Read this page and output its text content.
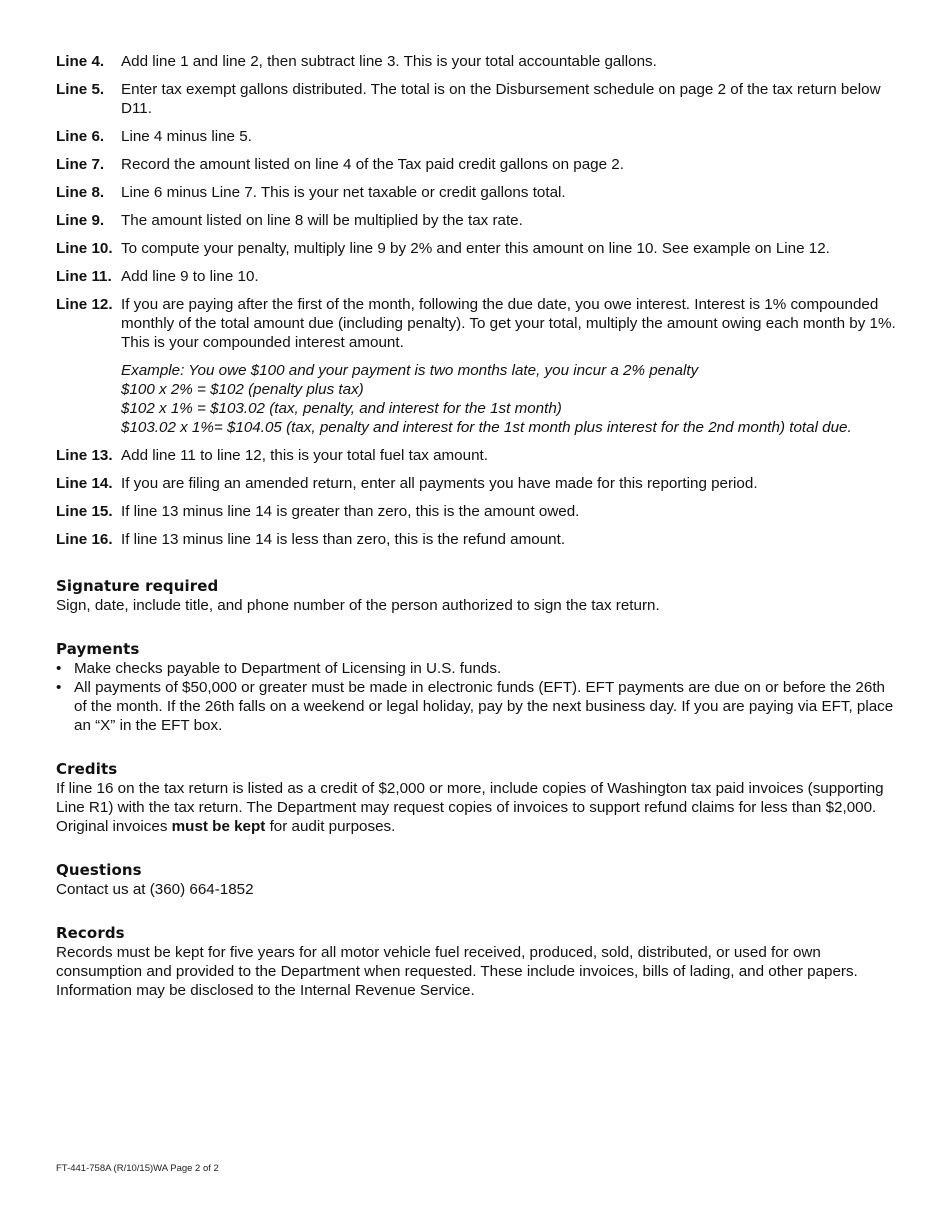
Line 4.	Add line 1 and line 2, then subtract line 3. This is your total accountable gallons.
Line 5.	Enter tax exempt gallons distributed. The total is on the Disbursement schedule on page 2 of the tax return below D11.
Line 6.	Line 4 minus line 5.
Line 7.	Record the amount listed on line 4 of the Tax paid credit gallons on page 2.
Line 8.	Line 6 minus Line 7. This is your net taxable or credit gallons total.
Line 9.	The amount listed on line 8 will be multiplied by the tax rate.
Line 10. To compute your penalty, multiply line 9 by 2% and enter this amount on line 10. See example on Line 12.
Line 11. Add line 9 to line 10.
Line 12. If you are paying after the first of the month, following the due date, you owe interest. Interest is 1% compounded monthly of the total amount due (including penalty). To get your total, multiply the amount owing each month by 1%. This is your compounded interest amount.
Example: You owe $100 and your payment is two months late, you incur a 2% penalty
$100 x 2% = $102 (penalty plus tax)
$102 x 1% = $103.02 (tax, penalty, and interest for the 1st month)
$103.02 x 1%= $104.05 (tax, penalty and interest for the 1st month plus interest for the 2nd month) total due.
Line 13. Add line 11 to line 12, this is your total fuel tax amount.
Line 14. If you are filing an amended return, enter all payments you have made for this reporting period.
Line 15. If line 13 minus line 14 is greater than zero, this is the amount owed.
Line 16. If line 13 minus line 14 is less than zero, this is the refund amount.
Signature required
Sign, date, include title, and phone number of the person authorized to sign the tax return.
Payments
• Make checks payable to Department of Licensing in U.S. funds.
• All payments of $50,000 or greater must be made in electronic funds (EFT). EFT payments are due on or before the 26th of the month. If the 26th falls on a weekend or legal holiday, pay by the next business day. If you are paying via EFT, place an “X” in the EFT box.
Credits
If line 16 on the tax return is listed as a credit of $2,000 or more, include copies of Washington tax paid invoices (supporting Line R1) with the tax return. The Department may request copies of invoices to support refund claims for less than $2,000. Original invoices must be kept for audit purposes.
Questions
Contact us at (360) 664-1852
Records
Records must be kept for five years for all motor vehicle fuel received, produced, sold, distributed, or used for own consumption and provided to the Department when requested. These include invoices, bills of lading, and other papers. Information may be disclosed to the Internal Revenue Service.
FT-441-758A (R/10/15)WA Page 2 of 2
